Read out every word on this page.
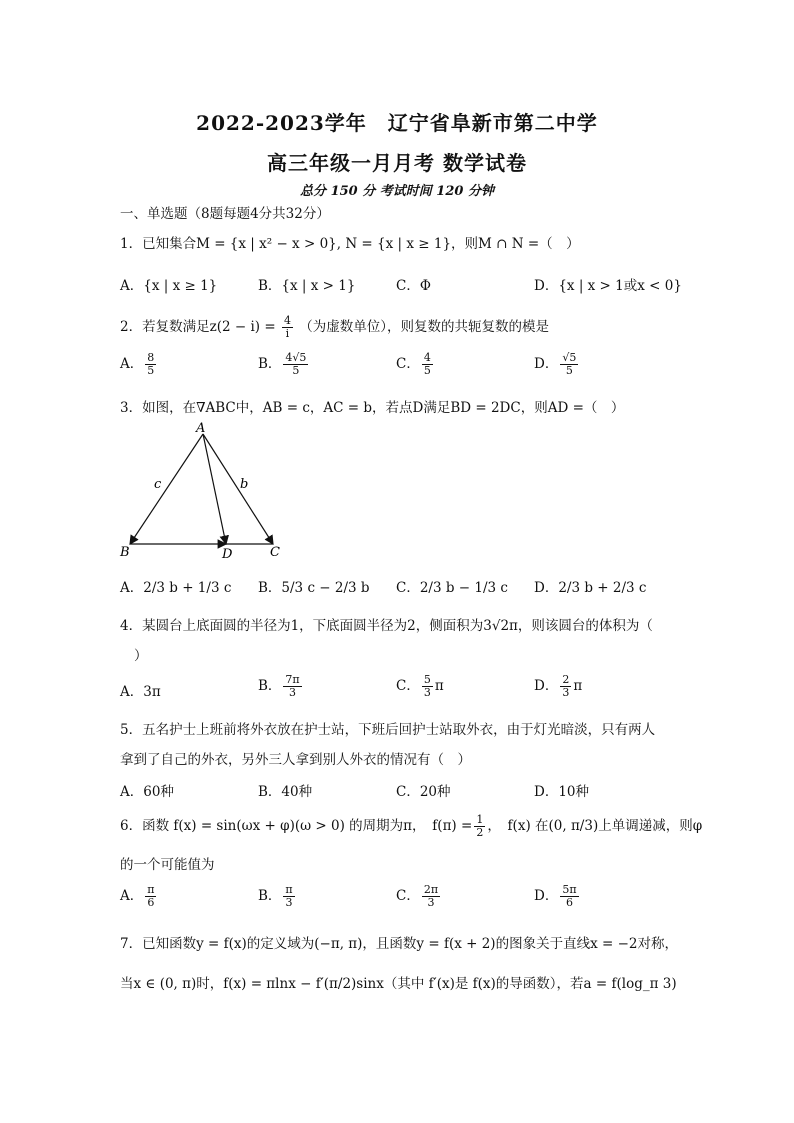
2022-2023学年　辽宁省阜新市第二中学
高三年级一月月考 数学试卷
总分 150 分 考试时间 120 分钟
一、单选题（8题每题4分共32分）
1．已知集合M = {x | x² − x > 0}, N = {x | x ≥ 1}，则M ∩ N =（　）
A．{x | x ≥ 1}	B．{x | x > 1}	C．Φ	D．{x | x > 1或x < 0}
2．若复数满足$z(2 - i) = \frac{4}{i}$ （为虚数单位），则复数的共轭复数的模是
A． $\frac{8}{5}$	B． $\frac{4√5}{5}$	C． $\frac{4}{5}$	D． $\frac{√5}{5}$
3．如图，在∇ABC中，AB = c，AC = b，若点D满足BD = 2DC，则AD =（　）
A
B	D	C
c	b
A．2/3 b + 1/3 c B．5/3 c − 2/3 b C．2/3 b − 1/3 c D．2/3 b + 2/3 c
4．某圆台上底面圆的半径为1，下底面圆半径为2，侧面积为3√2π，则该圆台的体积为（
）
A．3π	B． $\frac{7\pi}{3}$	C． $\frac{5}{3}$ π	D． $\frac{2}{3}$ π
5．五名护士上班前将外衣放在护士站，下班后回护士站取外衣，由于灯光暗淡，只有两人
拿到了自己的外衣，另外三人拿到别人外衣的情况有（　）
A．60种	B．40种	C．20种	D．10种
6．函数 f(x) = sin(ωx + φ)(ω > 0) 的周期为π，　$f(\pi) = \frac{1}{2}$ ，　f(x) 在(0, π/3)上单调递减，则φ
的一个可能值为
A． $\frac{\pi}{6}$	B． $\frac{\pi}{3}$	C． $\frac{2\pi}{3}$	D． $\frac{5\pi}{6}$
7．已知函数y = f(x)的定义域为(−π, π)，且函数y = f(x + 2)的图象关于直线x = −2对称，
当x ∈ (0, π)时，f(x) = πlnx − f′(π/2)sinx（其中 f′(x)是 f(x)的导函数），若a = f(log_π 3)
